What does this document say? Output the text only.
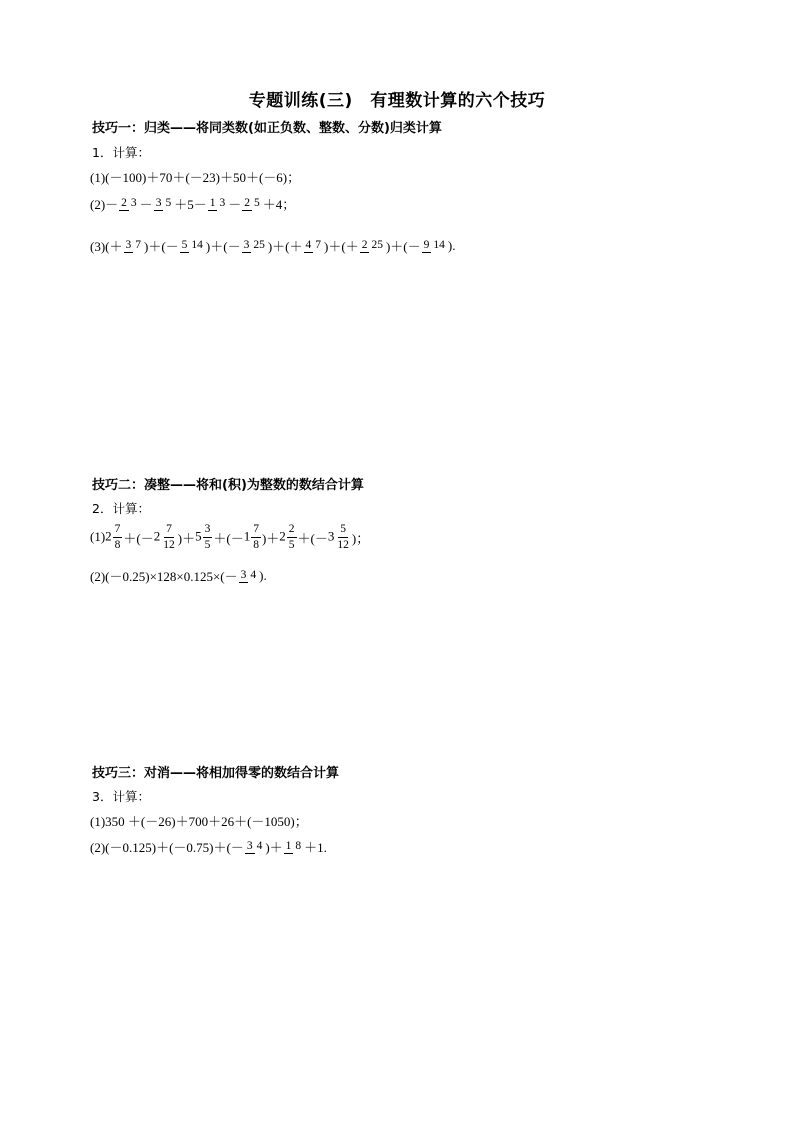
专题训练(三)　有理数计算的六个技巧
技巧一：归类——将同类数(如正负数、整数、分数)归类计算
1．计算：
(1)(－100)＋70＋(－23)＋50＋(－6)；
(2)－ 2 3 － 3 5 ＋5－ 1 3 － 2 5 ＋4；
(3)(＋ 3 7 )＋(－ 5 14 )＋(－ 3 25 )＋(＋ 4 7 )＋(＋ 2 25 )＋(－ 9 14 ).
技巧二：凑整——将和(积)为整数的数结合计算
2．计算：
(1) $2 \frac{7}{8}$ ＋(－ $2 \frac{7}{12}$ )＋ $5 \frac{3}{5}$ ＋(－ $1 \frac{7}{8}$ )＋ $2 \frac{2}{5}$ ＋(－ $3 \frac{5}{12}$ )；
(2)(－0.25)×128×0.125×(－ 3 4 ).
技巧三：对消——将相加得零的数结合计算
3．计算：
(1)350 ＋(－26)＋700＋26＋(－1050)；
(2)(－0.125)＋(－0.75)＋(－ 3 4 )＋ 1 8 ＋1.
